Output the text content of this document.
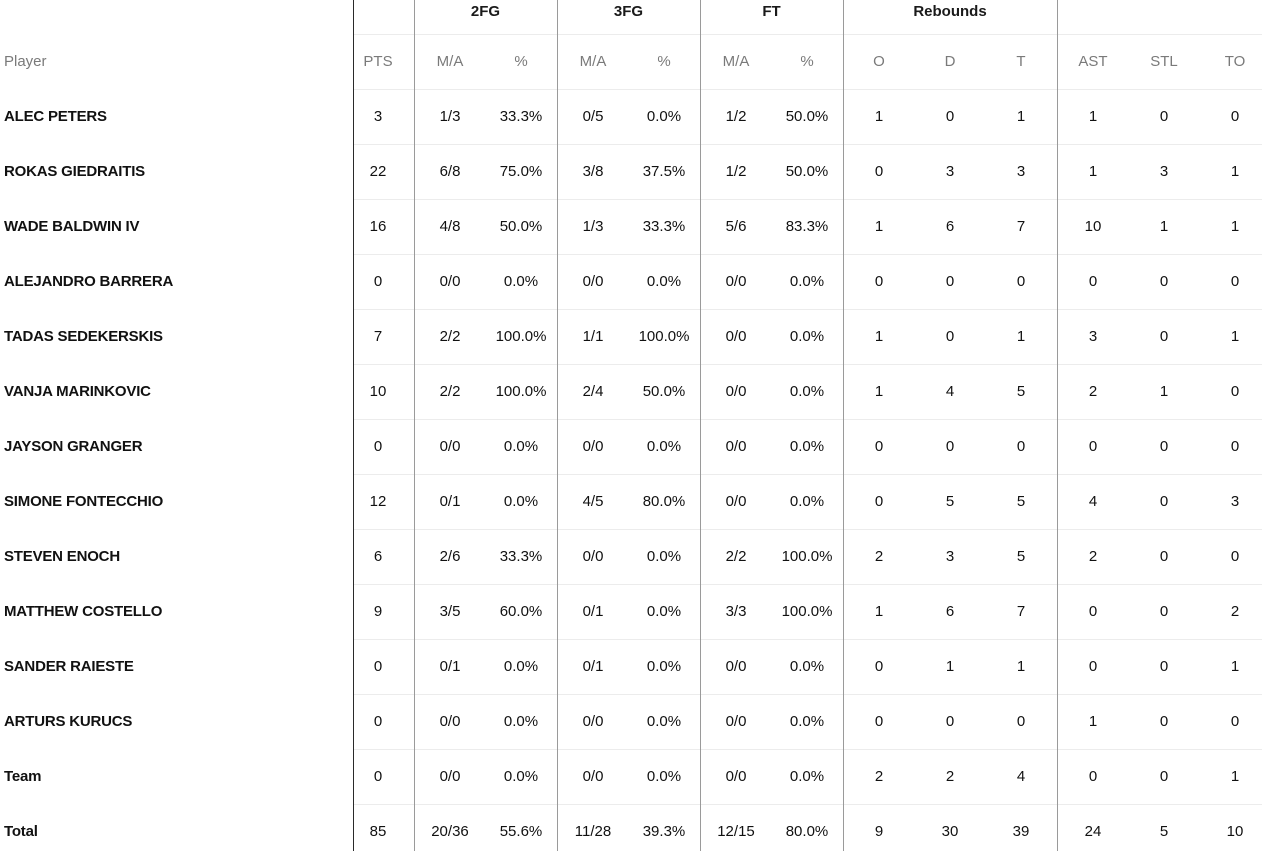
2FG	3FG	FT	Rebounds
Player	PTS	M/A	%	M/A	%	M/A	%	O	D	T	AST	STL	TO
ALEC PETERS	3	1/3	33.3%	0/5	0.0%	1/2	50.0%	1	0	1	1	0	0
ROKAS GIEDRAITIS	22	6/8	75.0%	3/8	37.5%	1/2	50.0%	0	3	3	1	3	1
WADE BALDWIN IV	16	4/8	50.0%	1/3	33.3%	5/6	83.3%	1	6	7	10	1	1
ALEJANDRO BARRERA	0	0/0	0.0%	0/0	0.0%	0/0	0.0%	0	0	0	0	0	0
TADAS SEDEKERSKIS	7	2/2	100.0%	1/1	100.0%	0/0	0.0%	1	0	1	3	0	1
VANJA MARINKOVIC	10	2/2	100.0%	2/4	50.0%	0/0	0.0%	1	4	5	2	1	0
JAYSON GRANGER	0	0/0	0.0%	0/0	0.0%	0/0	0.0%	0	0	0	0	0	0
SIMONE FONTECCHIO	12	0/1	0.0%	4/5	80.0%	0/0	0.0%	0	5	5	4	0	3
STEVEN ENOCH	6	2/6	33.3%	0/0	0.0%	2/2	100.0%	2	3	5	2	0	0
MATTHEW COSTELLO	9	3/5	60.0%	0/1	0.0%	3/3	100.0%	1	6	7	0	0	2
SANDER RAIESTE	0	0/1	0.0%	0/1	0.0%	0/0	0.0%	0	1	1	0	0	1
ARTURS KURUCS	0	0/0	0.0%	0/0	0.0%	0/0	0.0%	0	0	0	1	0	0
Team	0	0/0	0.0%	0/0	0.0%	0/0	0.0%	2	2	4	0	0	1
Total	85	20/36	55.6%	11/28	39.3%	12/15	80.0%	9	30	39	24	5	10
